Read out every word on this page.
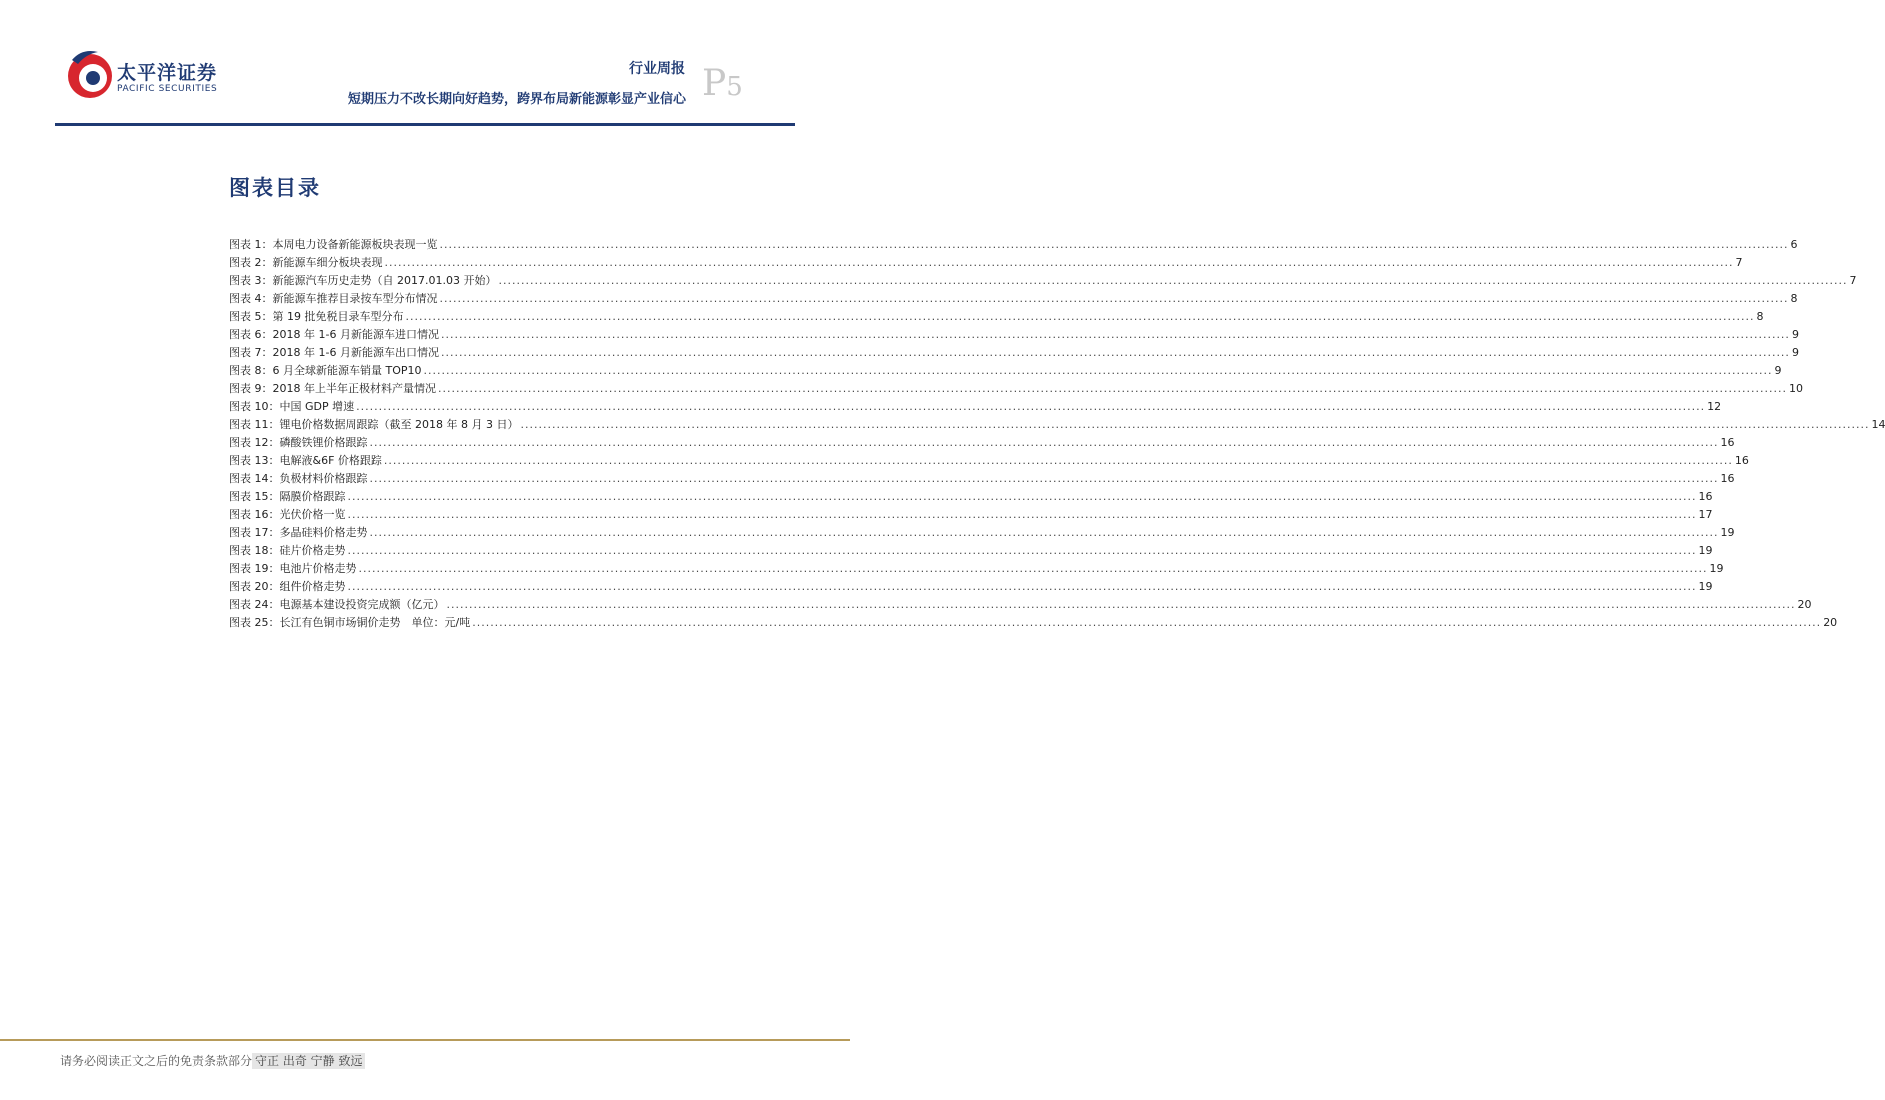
太平洋证券
PACIFIC SECURITIES
行业周报
短期压力不改长期向好趋势，跨界布局新能源彰显产业信心 P5
图表目录
图表 1：本周电力设备新能源板块表现一览 ............................................................................................................................................................................................................................................................................................................ 6
图表 2：新能源车细分板块表现 ............................................................................................................................................................................................................................................................................................................ 7
图表 3：新能源汽车历史走势（自 2017.01.03 开始） ............................................................................................................................................................................................................................................................................................................ 7
图表 4：新能源车推荐目录按车型分布情况 ............................................................................................................................................................................................................................................................................................................ 8
图表 5：第 19 批免税目录车型分布 ............................................................................................................................................................................................................................................................................................................ 8
图表 6：2018 年 1-6 月新能源车进口情况 ............................................................................................................................................................................................................................................................................................................ 9
图表 7：2018 年 1-6 月新能源车出口情况 ............................................................................................................................................................................................................................................................................................................ 9
图表 8：6 月全球新能源车销量 TOP10 ............................................................................................................................................................................................................................................................................................................ 9
图表 9：2018 年上半年正极材料产量情况 ............................................................................................................................................................................................................................................................................................................ 10
图表 10：中国 GDP 增速 ............................................................................................................................................................................................................................................................................................................ 12
图表 11：锂电价格数据周跟踪（截至 2018 年 8 月 3 日） ............................................................................................................................................................................................................................................................................................................ 14
图表 12：磷酸铁锂价格跟踪 ............................................................................................................................................................................................................................................................................................................ 16
图表 13：电解液&6F 价格跟踪 ............................................................................................................................................................................................................................................................................................................ 16
图表 14：负极材料价格跟踪 ............................................................................................................................................................................................................................................................................................................ 16
图表 15：隔膜价格跟踪 ............................................................................................................................................................................................................................................................................................................ 16
图表 16：光伏价格一览 ............................................................................................................................................................................................................................................................................................................ 17
图表 17：多晶硅料价格走势 ............................................................................................................................................................................................................................................................................................................ 19
图表 18：硅片价格走势 ............................................................................................................................................................................................................................................................................................................ 19
图表 19：电池片价格走势 ............................................................................................................................................................................................................................................................................................................ 19
图表 20：组件价格走势 ............................................................................................................................................................................................................................................................................................................ 19
图表 24：电源基本建设投资完成额（亿元） ............................................................................................................................................................................................................................................................................................................ 20
图表 25：长江有色铜市场铜价走势　单位：元/吨 ............................................................................................................................................................................................................................................................................................................ 20
请务必阅读正文之后的免责条款部分 守正 出奇 宁静 致远
